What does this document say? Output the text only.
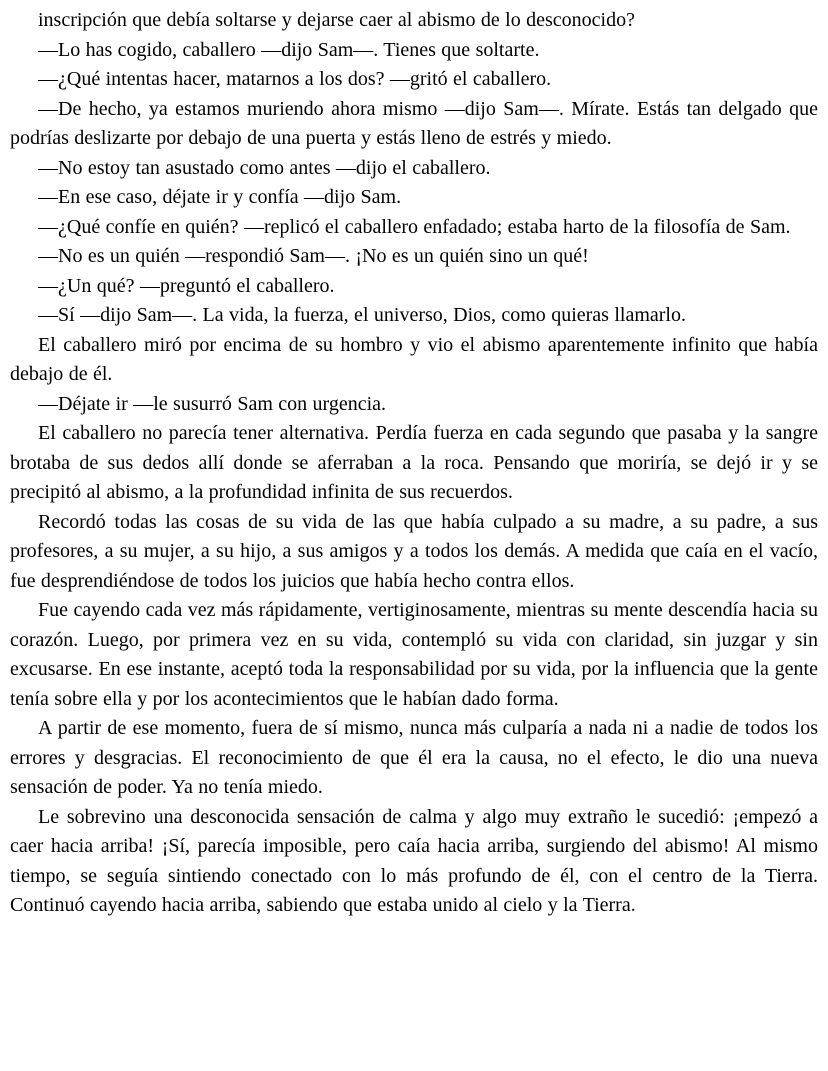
inscripción que debía soltarse y dejarse caer al abismo de lo desconocido?

—Lo has cogido, caballero —dijo Sam—. Tienes que soltarte.

—¿Qué intentas hacer, matarnos a los dos? —gritó el caballero.

—De hecho, ya estamos muriendo ahora mismo —dijo Sam—. Mírate. Estás tan delgado que podrías deslizarte por debajo de una puerta y estás lleno de estrés y miedo.

—No estoy tan asustado como antes —dijo el caballero.

—En ese caso, déjate ir y confía —dijo Sam.

—¿Qué confíe en quién? —replicó el caballero enfadado; estaba harto de la filosofía de Sam.

—No es un quién —respondió Sam—. ¡No es un quién sino un qué!

—¿Un qué? —preguntó el caballero.

—Sí —dijo Sam—. La vida, la fuerza, el universo, Dios, como quieras llamarlo.

El caballero miró por encima de su hombro y vio el abismo aparentemente infinito que había debajo de él.

—Déjate ir —le susurró Sam con urgencia.

El caballero no parecía tener alternativa. Perdía fuerza en cada segundo que pasaba y la sangre brotaba de sus dedos allí donde se aferraban a la roca. Pensando que moriría, se dejó ir y se precipitó al abismo, a la profundidad infinita de sus recuerdos.

Recordó todas las cosas de su vida de las que había culpado a su madre, a su padre, a sus profesores, a su mujer, a su hijo, a sus amigos y a todos los demás. A medida que caía en el vacío, fue desprendiéndose de todos los juicios que había hecho contra ellos.

Fue cayendo cada vez más rápidamente, vertiginosamente, mientras su mente descendía hacia su corazón. Luego, por primera vez en su vida, contempló su vida con claridad, sin juzgar y sin excusarse. En ese instante, aceptó toda la responsabilidad por su vida, por la influencia que la gente tenía sobre ella y por los acontecimientos que le habían dado forma.

A partir de ese momento, fuera de sí mismo, nunca más culparía a nada ni a nadie de todos los errores y desgracias. El reconocimiento de que él era la causa, no el efecto, le dio una nueva sensación de poder. Ya no tenía miedo.

Le sobrevino una desconocida sensación de calma y algo muy extraño le sucedió: ¡empezó a caer hacia arriba! ¡Sí, parecía imposible, pero caía hacia arriba, surgiendo del abismo! Al mismo tiempo, se seguía sintiendo conectado con lo más profundo de él, con el centro de la Tierra. Continuó cayendo hacia arriba, sabiendo que estaba unido al cielo y la Tierra.
